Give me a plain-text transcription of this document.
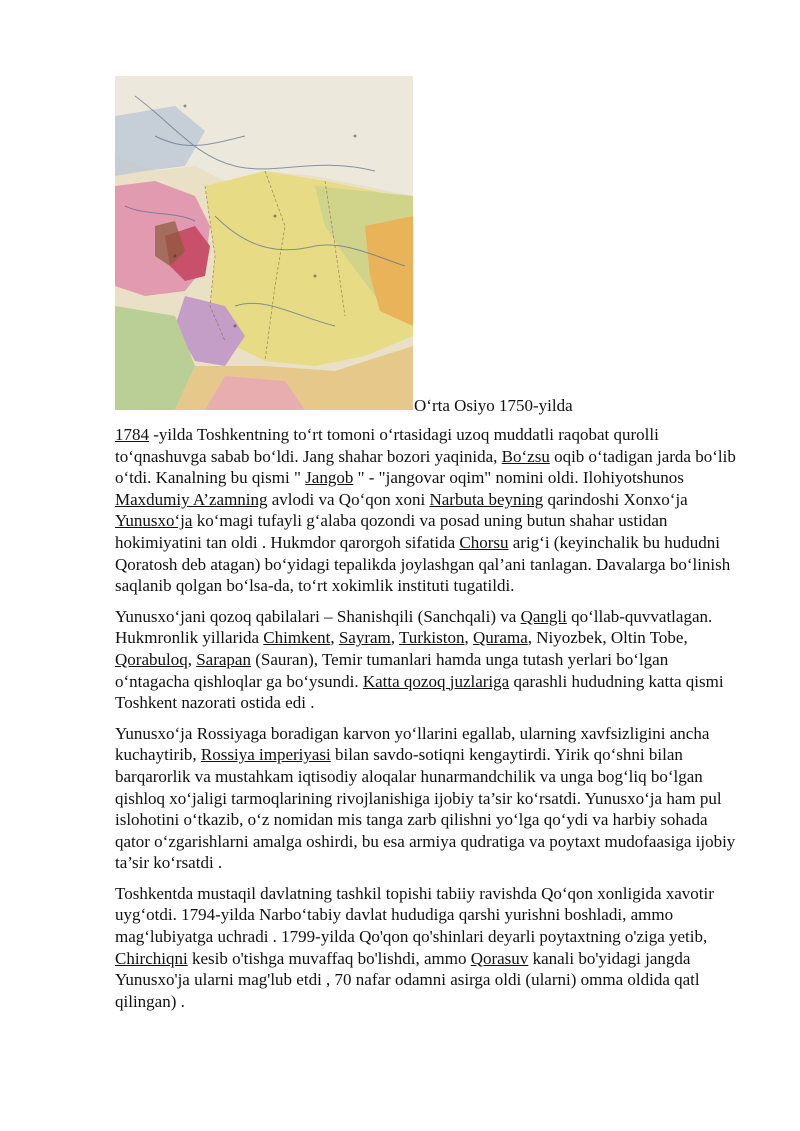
O‘rta Osiyo 1750-yilda

1784 -yilda Toshkentning to‘rt tomoni o‘rtasidagi uzoq muddatli raqobat qurolli to‘qnashuvga sabab bo‘ldi. Jang shahar bozori yaqinida, Bo‘zsu oqib o‘tadigan jarda bo‘lib o‘tdi. Kanalning bu qismi " Jangob " - "jangovar oqim" nomini oldi. Ilohiyotshunos Maxdumiy A’zamning avlodi va Qo‘qon xoni Narbuta beyning qarindoshi Xonxo‘ja Yunusxo‘ja ko‘magi tufayli g‘alaba qozondi va posad uning butun shahar ustidan hokimiyatini tan oldi . Hukmdor qarorgoh sifatida Chorsu arig‘i (keyinchalik bu hududni Qoratosh deb atagan) bo‘yidagi tepalikda joylashgan qal’ani tanlagan. Davalarga bo‘linish saqlanib qolgan bo‘lsa-da, to‘rt xokimlik instituti tugatildi.

Yunusxo‘jani qozoq qabilalari – Shanishqili (Sanchqali) va Qangli qo‘llab-quvvatlagan. Hukmronlik yillarida Chimkent, Sayram, Turkiston, Qurama, Niyozbek, Oltin Tobe, Qorabuloq, Sarapan (Sauran), Temir tumanlari hamda unga tutash yerlari bo‘lgan o‘ntagacha qishloqlar ga bo‘ysundi. Katta qozoq juzlariga qarashli hududning katta qismi Toshkent nazorati ostida edi .

Yunusxo‘ja Rossiyaga boradigan karvon yo‘llarini egallab, ularning xavfsizligini ancha kuchaytirib, Rossiya imperiyasi bilan savdo-sotiqni kengaytirdi. Yirik qo‘shni bilan barqarorlik va mustahkam iqtisodiy aloqalar hunarmandchilik va unga bog‘liq bo‘lgan qishloq xo‘jaligi tarmoqlarining rivojlanishiga ijobiy ta’sir ko‘rsatdi. Yunusxo‘ja ham pul islohotini o‘tkazib, o‘z nomidan mis tanga zarb qilishni yo‘lga qo‘ydi va harbiy sohada qator o‘zgarishlarni amalga oshirdi, bu esa armiya qudratiga va poytaxt mudofaasiga ijobiy ta’sir ko‘rsatdi .

Toshkentda mustaqil davlatning tashkil topishi tabiiy ravishda Qo‘qon xonligida xavotir uyg‘otdi. 1794-yilda Narbo‘tabiy davlat hududiga qarshi yurishni boshladi, ammo mag‘lubiyatga uchradi . 1799-yilda Qo'qon qo'shinlari deyarli poytaxtning o'ziga yetib, Chirchiqni kesib o'tishga muvaffaq bo'lishdi, ammo Qorasuv kanali bo'yidagi jangda Yunusxo'ja ularni mag'lub etdi , 70 nafar odamni asirga oldi (ularni) omma oldida qatl qilingan) .
